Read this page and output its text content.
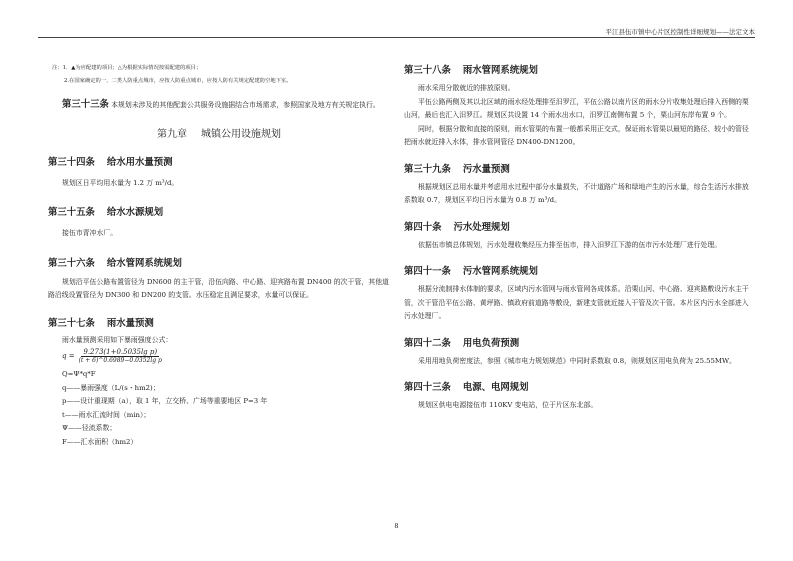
平江县伍市镇中心片区控制性详细规划——法定文本
注：1．▲为应配建的项目；△为根据实际情况按需配建的项目；
2.在国家确定的一、二类人防重点城市，应按人防重点城市，应按人防有关规定配建防空地下室。
第三十三条 本规划未涉及的其他配套公共服务设施据结合市场需求，参照国家及地方有关规定执行。
第九章 城镇公用设施规划
第三十四条 给水用水量预测
规划区日平均用水量为 1.2 万 m³/d。
第三十五条 给水水源规划
接伍市青冲水厂。
第三十六条 给水管网系统规划
规划沿平伍公路布置管径为 DN600 的主干管，沿伍向路、中心路、迎宾路布置 DN400 的次干管，其他道路沿线设置管径为 DN300 和 DN200 的支管。水压稳定且满足要求，水量可以保证。
第三十七条 雨水量预测
雨水量预测采用如下暴雨强度公式：
$q = \frac{\text{9.273(1+0.5035lg p)}}{\text{(t + 6)\textasciicircum{}0.6989−0.0352lg p}}$
Q=Ψ*q*F
q——暴雨强度（L/(s・hm2)；
p——设计重现期（a），取 1 年，立交桥、广场等重要地区 P=3 年
t——雨水汇流时间（min）；
Ψ——径流系数；
F——汇水面积（hm2）
第三十八条 雨水管网系统规划
雨水采用分散就近的排放原则。
平伍公路两侧及其以北区域的雨水经处理排至汨罗江，平伍公路以南片区的雨水分片收集处理后排入西侧的栗山河，最后也汇入汨罗江。规划区共设置 14 个雨水出水口，汨罗江南侧布置 5 个，栗山河东岸布置 9 个。
同时，根据分散和直接的原则，雨水管渠的布置一般都采用正交式，保证雨水管渠以最短的路径、较小的管径把雨水就近排入水体，排水管网管径 DN400-DN1200。
第三十九条 污水量预测
根据规划区总用水量并考虑用水过程中部分水量损失，不计道路广场和绿地产生的污水量，综合生活污水排放系数取 0.7，规划区平均日污水量为 0.8 万 m³/d。
第四十条 污水处理规划
依据伍市镇总体规划，污水处理收集经压力排至伍市，排入汨罗江下游的伍市污水处理厂进行处理。
第四十一条 污水管网系统规划
根据分流制排水体制的要求，区域内污水管网与雨水管网各成体系。沿栗山河、中心路、迎宾路敷设污水主干管，次干管沿平伍公路、黄坪路、镇政府前道路等敷设，新建支管就近接入干管及次干管。本片区内污水全部进入污水处理厂。
第四十二条 用电负荷预测
采用用地负荷密度法，参照《城市电力规划规范》中同时系数取 0.8，则规划区用电负荷为 25.55MW。
第四十三条 电源、电网规划
规划区供电电源接伍市 110KV 变电站，位于片区东北部。
8
